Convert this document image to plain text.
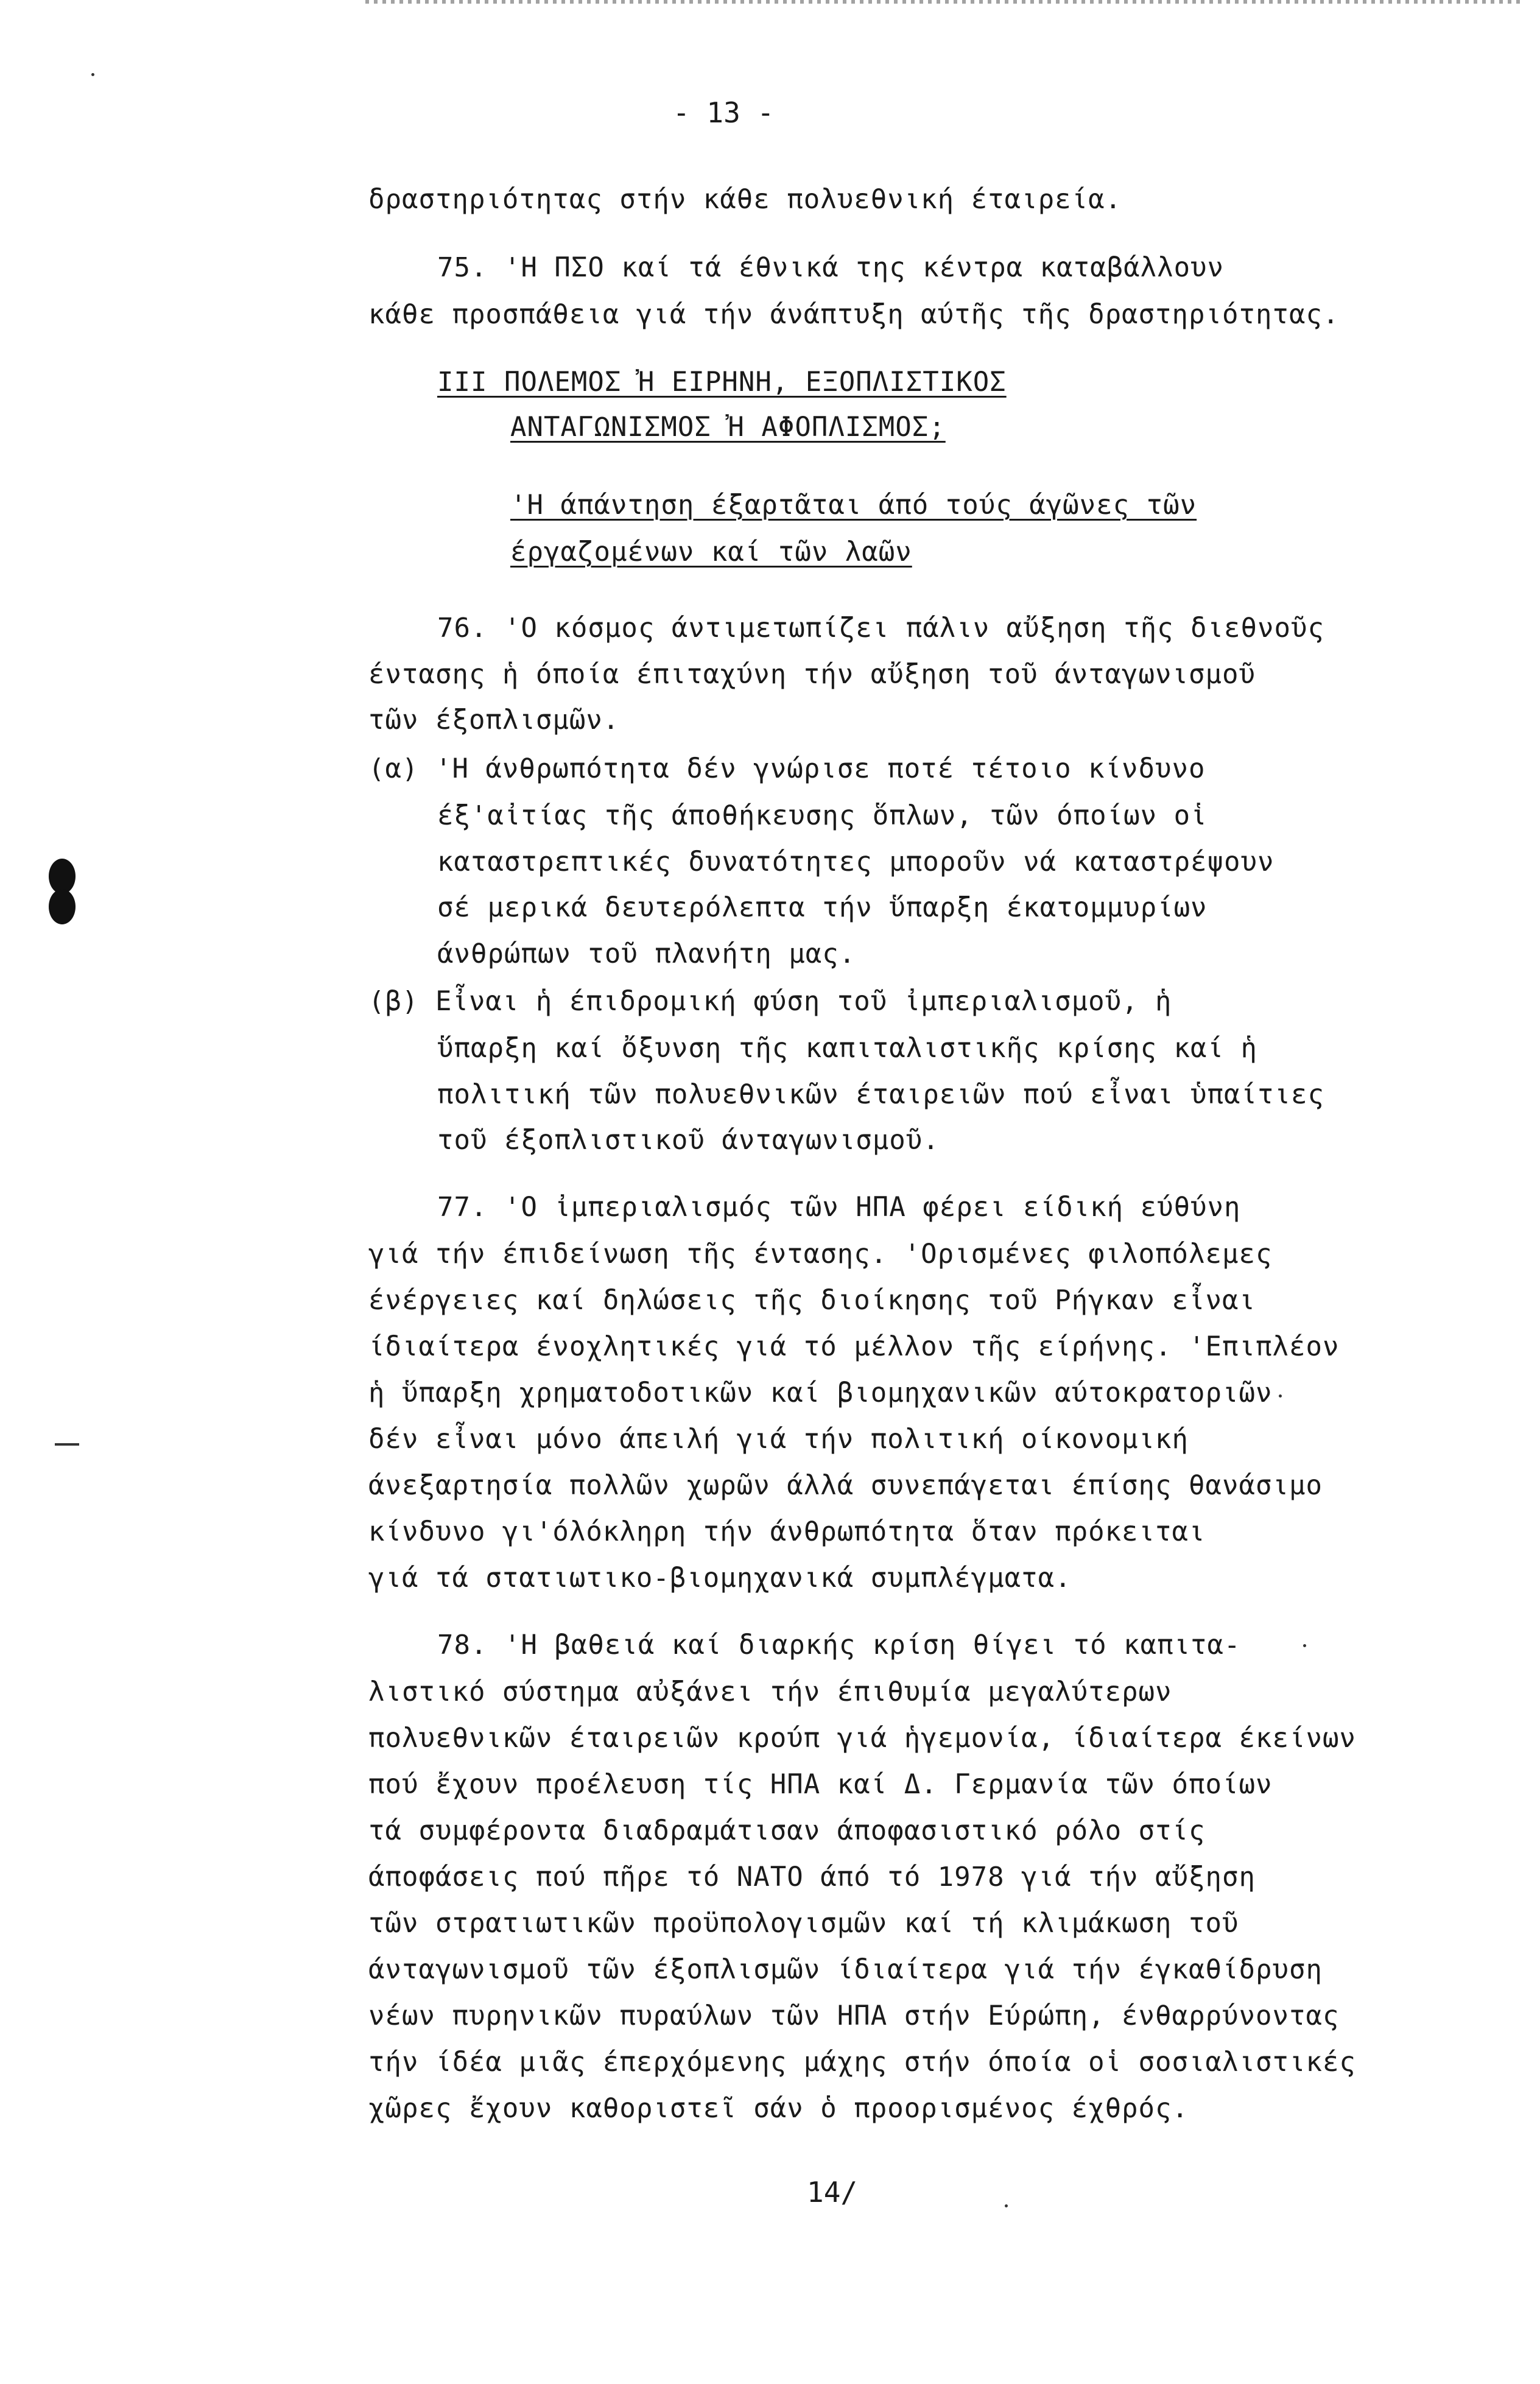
- 13 -
δραστηριότητας στήν κάθε πολυεθνική έταιρεία.
75. 'Η ΠΣΟ καί τά έθνικά της κέντρα καταβάλλουν
κάθε προσπάθεια γιά τήν άνάπτυξη αύτῆς τῆς δραστηριότητας.
III ΠΟΛΕΜΟΣ Ἠ ΕΙΡΗΝΗ, ΕΞΟΠΛΙΣΤΙΚΟΣ
ΑΝΤΑΓΩΝΙΣΜΟΣ Ἠ ΑΦΟΠΛΙΣΜΟΣ;
'Η άπάντηση έξαρτᾶται άπό τούς άγῶνες τῶν
έργαζομένων καί τῶν λαῶν
76. 'Ο κόσμος άντιμετωπίζει πάλιν αὔξηση τῆς διεθνοῦς
έντασης ἡ όποία έπιταχύνη τήν αὔξηση τοῦ άνταγωνισμοῦ
τῶν έξοπλισμῶν.
(α) 'Η άνθρωπότητα δέν γνώρισε ποτέ τέτοιο κίνδυνο
έξ'αἰτίας τῆς άποθήκευσης ὅπλων, τῶν όποίων οἱ
καταστρεπτικές δυνατότητες μποροῦν νά καταστρέψουν
σέ μερικά δευτερόλεπτα τήν ὕπαρξη έκατομμυρίων
άνθρώπων τοῦ πλανήτη μας.
(β) Εἶναι ἡ έπιδρομική φύση τοῦ ἰμπεριαλισμοῦ, ἡ
ὕπαρξη καί ὄξυνση τῆς καπιταλιστικῆς κρίσης καί ἡ
πολιτική τῶν πολυεθνικῶν έταιρειῶν πού εἶναι ὑπαίτιες
τοῦ έξοπλιστικοῦ άνταγωνισμοῦ.
77. 'Ο ἰμπεριαλισμός τῶν ΗΠΑ φέρει είδική εύθύνη
γιά τήν έπιδείνωση τῆς έντασης. 'Ορισμένες φιλοπόλεμες
ένέργειες καί δηλώσεις τῆς διοίκησης τοῦ Ρήγκαν εἶναι
ίδιαίτερα ένοχλητικές γιά τό μέλλον τῆς είρήνης. 'Επιπλέον
ἡ ὕπαρξη χρηματοδοτικῶν καί βιομηχανικῶν αύτοκρατοριῶν
δέν εἶναι μόνο άπειλή γιά τήν πολιτική οίκονομική
άνεξαρτησία πολλῶν χωρῶν άλλά συνεπάγεται έπίσης θανάσιμο
κίνδυνο γι'όλόκληρη τήν άνθρωπότητα ὅταν πρόκειται
γιά τά στατιωτικο-βιομηχανικά συμπλέγματα.
78. 'Η βαθειά καί διαρκής κρίση θίγει τό καπιτα-
λιστικό σύστημα αὐξάνει τήν έπιθυμία μεγαλύτερων
πολυεθνικῶν έταιρειῶν κρούπ γιά ἡγεμονία, ίδιαίτερα έκείνων
πού ἔχουν προέλευση τίς ΗΠΑ καί Δ. Γερμανία τῶν όποίων
τά συμφέροντα διαδραμάτισαν άποφασιστικό ρόλο στίς
άποφάσεις πού πῆρε τό ΝΑΤΟ άπό τό 1978 γιά τήν αὔξηση
τῶν στρατιωτικῶν προϋπολογισμῶν καί τή κλιμάκωση τοῦ
άνταγωνισμοῦ τῶν έξοπλισμῶν ίδιαίτερα γιά τήν έγκαθίδρυση
νέων πυρηνικῶν πυραύλων τῶν ΗΠΑ στήν Εύρώπη, ένθαρρύνοντας
τήν ίδέα μιᾶς έπερχόμενης μάχης στήν όποία οἱ σοσιαλιστικές
χῶρες ἔχουν καθοριστεῖ σάν ὁ προορισμένος έχθρός.
14/
